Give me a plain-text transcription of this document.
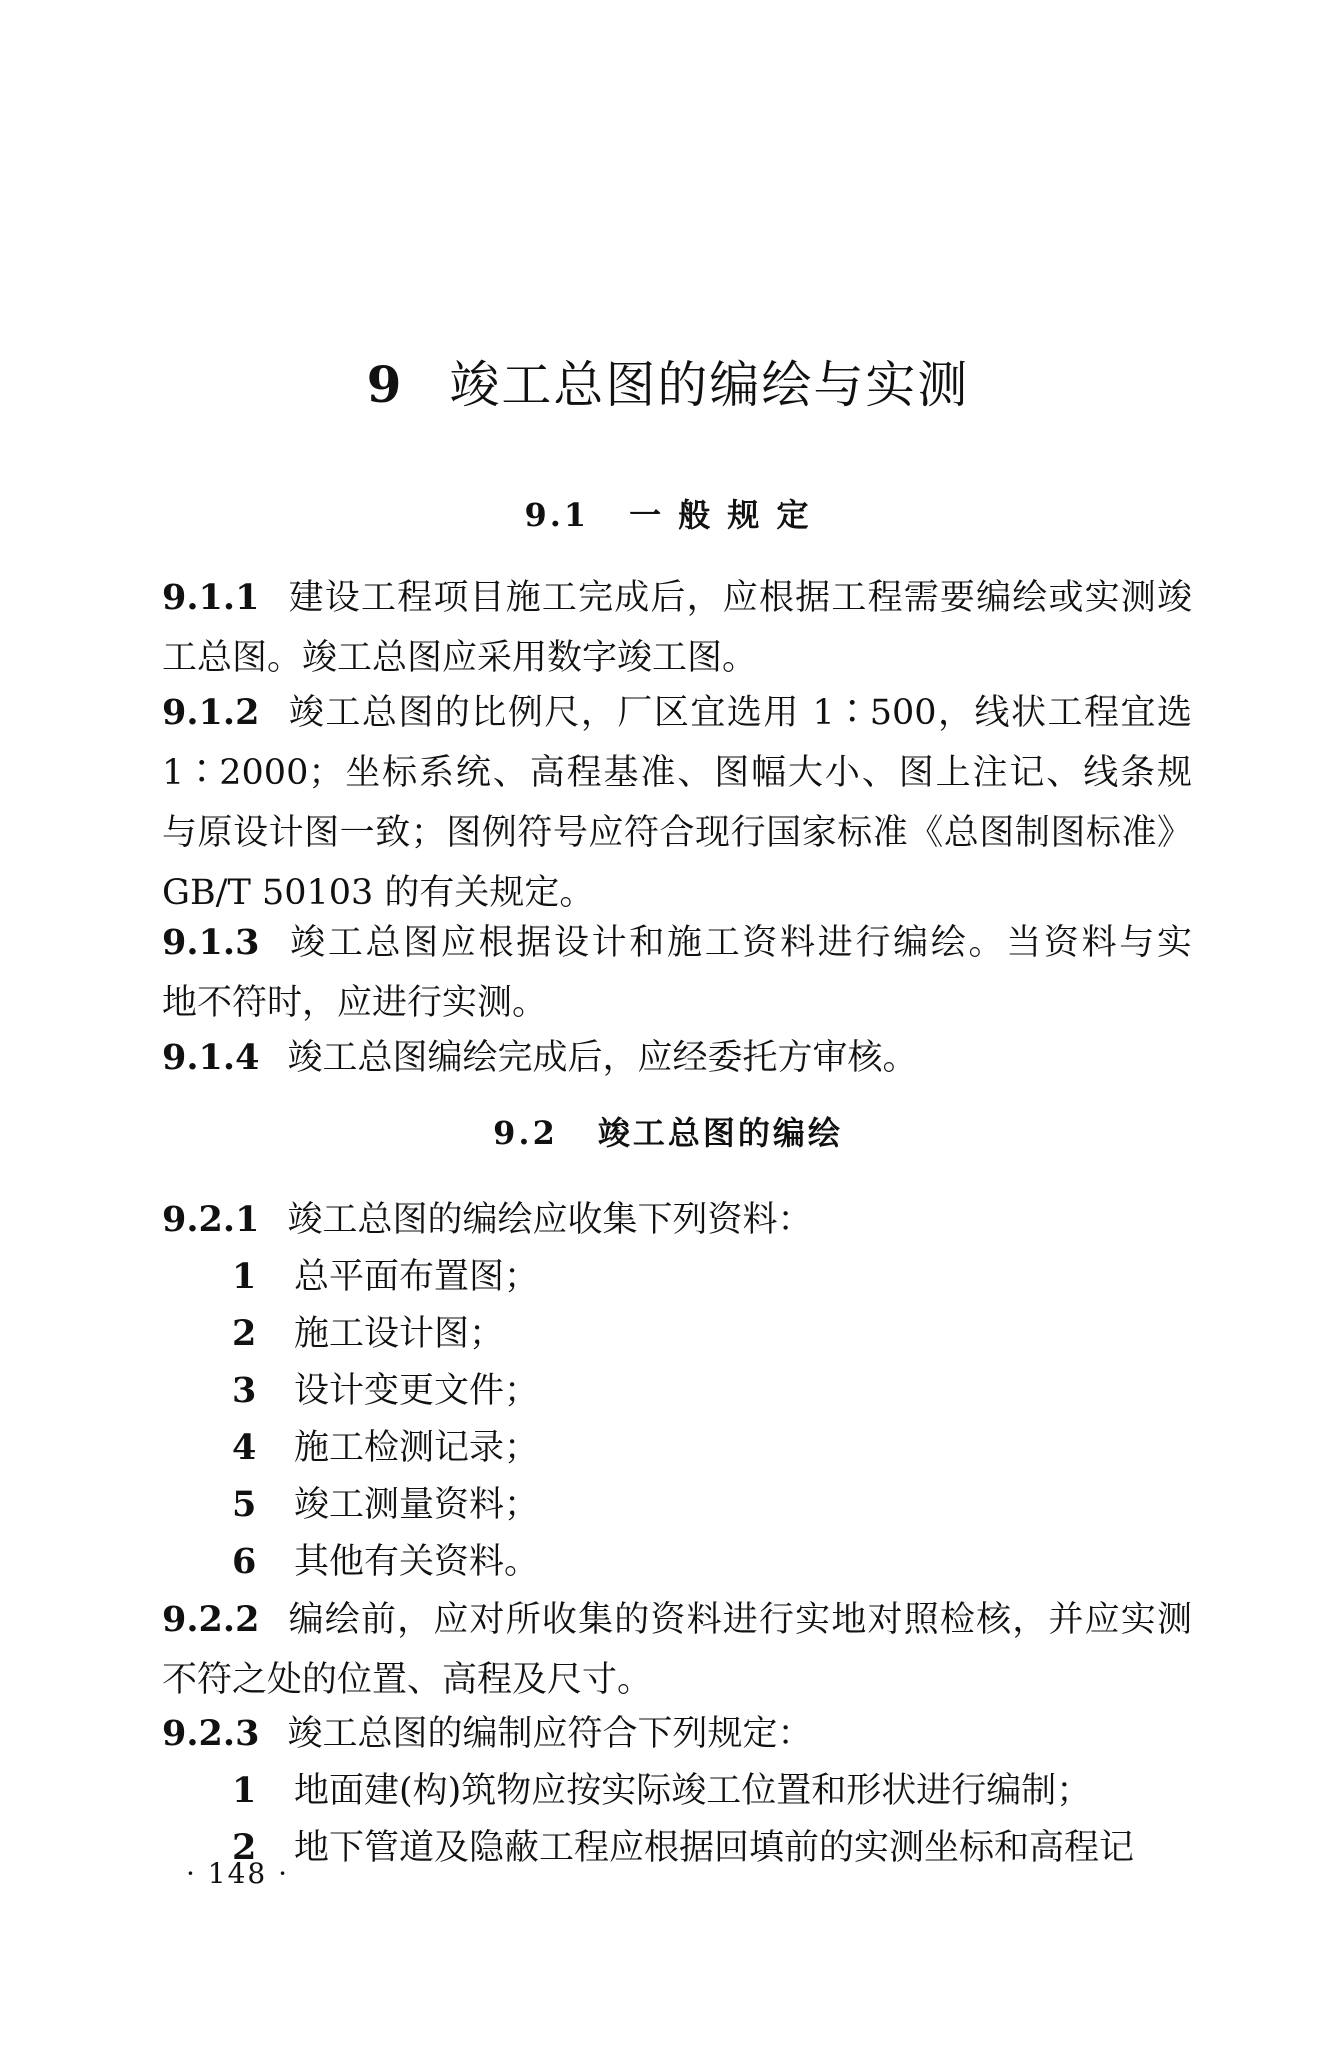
9 竣工总图的编绘与实测
9.1 一 般 规 定
9.1.1 建设工程项目施工完成后，应根据工程需要编绘或实测竣
工总图。竣工总图应采用数字竣工图。
9.1.2 竣工总图的比例尺，厂区宜选用 1∶500，线状工程宜选
1∶2000；坐标系统、高程基准、图幅大小、图上注记、线条规
与原设计图一致；图例符号应符合现行国家标准《总图制图标准》
GB/T 50103 的有关规定。
9.1.3 竣工总图应根据设计和施工资料进行编绘。当资料与实
地不符时，应进行实测。
9.1.4 竣工总图编绘完成后，应经委托方审核。
9.2 竣工总图的编绘
9.2.1 竣工总图的编绘应收集下列资料：
1 总平面布置图；
2 施工设计图；
3 设计变更文件；
4 施工检测记录；
5 竣工测量资料；
6 其他有关资料。
9.2.2 编绘前，应对所收集的资料进行实地对照检核，并应实测
不符之处的位置、高程及尺寸。
9.2.3 竣工总图的编制应符合下列规定：
1 地面建(构)筑物应按实际竣工位置和形状进行编制；
2 地下管道及隐蔽工程应根据回填前的实测坐标和高程记
· 148 ·
